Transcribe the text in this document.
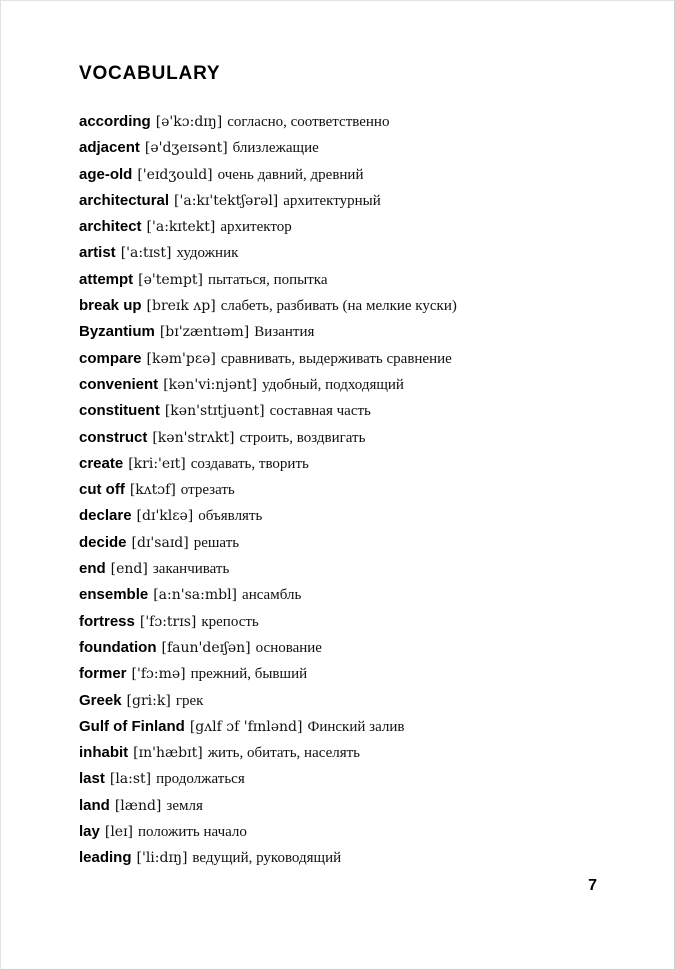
VOCABULARY
according [ə'kɔ:dɪŋ] согласно, соответственно
adjacent [ə'dʒeɪsənt] близлежащие
age-old ['eɪdʒould] очень давний, древний
architectural ['a:kɪ'tektʃərəl] архитектурный
architect ['a:kɪtekt] архитектор
artist ['a:tɪst] художник
attempt [ə'tempt] пытаться, попытка
break up [breɪk ʌp] слабеть, разбивать (на мелкие куски)
Byzantium [bɪ'zæntɪəm] Византия
compare [kəm'pɛə] сравнивать, выдерживать сравнение
convenient [kən'vi:njənt] удобный, подходящий
constituent [kən'stɪtjuənt] составная часть
construct [kən'strʌkt] строить, воздвигать
create [kri:'eɪt] создавать, творить
cut off [kʌtɔf] отрезать
declare [dɪ'klɛə] объявлять
decide [dɪ'saɪd] решать
end [end] заканчивать
ensemble [a:n'sa:mbl] ансамбль
fortress ['fɔ:trɪs] крепость
foundation [faun'deɪʃən] основание
former ['fɔ:mə] прежний, бывший
Greek [gri:k] грек
Gulf of Finland [gʌlf ɔf 'fɪnlənd] Финский залив
inhabit [ɪn'hæbɪt] жить, обитать, населять
last [la:st] продолжаться
land [lænd] земля
lay [leɪ] положить начало
leading ['li:dɪŋ] ведущий, руководящий
7
